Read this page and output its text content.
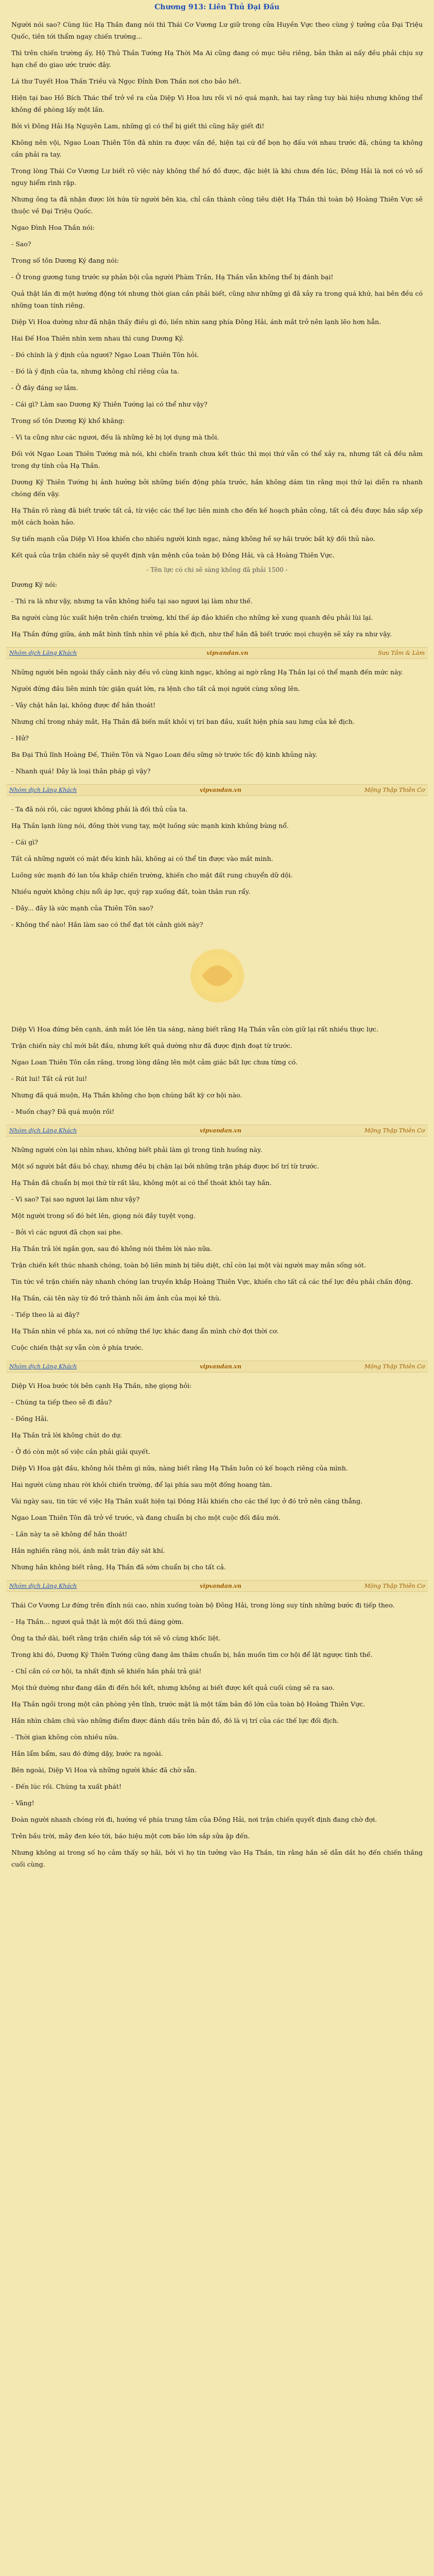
Chương 913: Liên Thủ Đại Đấu

Người nói sao? Cùng lúc Hạ Thần đang nói thì Thái Cơ Vương Lư giữ trong cửa Huyền Vực theo cùng ý tưởng của Đại Triệu Quốc, tiên tới thẩm ngay chiến trường...

Thì trên chiến trường ấy, Hộ Thủ Thần Tướng Hạ Thời Ma Ai cũng đang có mục tiêu riêng, bản thân ai nấy đều phải chịu sự hạn chế do giao ước trước đây.

Lá thư Tuyết Hoa Thần Triều và Ngọc Đỉnh Đơn Thần nơi cho bảo hết.

Hiện tại bao Hồ Bích Thác thể trở về ra của Diệp Vi Hoa lưu rồi vì nó quá mạnh, hai tay rằng tuy bài hiệu nhưng không thể không đề phòng lấy một lần.

Bởi vì Đông Hải Hạ Nguyên Lam, những gì có thể bị giết thì cũng hãy giết đi!

Không nên vội, Ngao Loan Thiên Tôn đã nhìn ra được vấn đề, hiện tại cứ để bọn họ đấu với nhau trước đã, chúng ta không cần phải ra tay.

Trong lòng Thái Cơ Vương Lư biết rõ việc này không thể hồ đồ được, đặc biệt là khi chưa đến lúc, Đông Hải là nơi có vô số nguy hiểm rình rập.

Nhưng ông ta đã nhận được lời hứa từ người bên kia, chỉ cần thành công tiêu diệt Hạ Thần thì toàn bộ Hoàng Thiên Vực sẽ thuộc về Đại Triệu Quốc.

Ngao Đình Hoa Thần nói:

- Sao?

Trong số tôn Dương Ký đang nói:

- Ở trong gương tung trước sự phản bội của người Phàm Trần, Hạ Thần vẫn không thể bị đánh bại!

Quả thật lần đi một hướng động tới nhưng thời gian cần phải biết, cũng như những gì đã xảy ra trong quá khứ, hai bên đều có những toan tính riêng.

Diệp Vi Hoa dường như đã nhận thấy điều gì đó, liền nhìn sang phía Đông Hải, ánh mắt trở nên lạnh lẽo hơn hẳn.

Hai Đế Hoa Thiên nhìn xem nhau thì cung Dương Ký.

- Đó chính là ý định của ngươi? Ngao Loan Thiên Tôn hỏi.

- Đó là ý định của ta, nhưng không chỉ riêng của ta.

- Ở đây đáng sợ lắm.

- Cái gì? Làm sao Dương Ký Thiên Tướng lại có thể như vậy?

Trong số tôn Dương Ký khổ khăng:

- Vì ta cũng như các ngươi, đều là những kẻ bị lợi dụng mà thôi.

Đối với Ngao Loan Thiên Tướng mà nói, khi chiến tranh chưa kết thúc thì mọi thứ vẫn có thể xảy ra, nhưng tất cả đều nằm trong dự tính của Hạ Thần.

Dương Ký Thiên Tướng bị ảnh hưởng bởi những biến động phía trước, hắn không dám tin rằng mọi thứ lại diễn ra nhanh chóng đến vậy.

Hạ Thần rõ ràng đã biết trước tất cả, từ việc các thế lực liên minh cho đến kế hoạch phản công, tất cả đều được hắn sắp xếp một cách hoàn hảo.

Sự tiến mạnh của Diệp Vi Hoa khiến cho nhiều người kinh ngạc, nàng không hề sợ hãi trước bất kỳ đối thủ nào.

Kết quả của trận chiến này sẽ quyết định vận mệnh của toàn bộ Đông Hải, và cả Hoàng Thiên Vực.

- Tên lực có chi sẽ sàng không đã phải 1500 -

Dương Ký nói:

- Thì ra là như vậy, nhưng ta vẫn không hiểu tại sao ngươi lại làm như thế.

Ba người cùng lúc xuất hiện trên chiến trường, khí thế áp đảo khiến cho những kẻ xung quanh đều phải lùi lại.

Hạ Thần đứng giữa, ánh mắt bình tĩnh nhìn về phía kẻ địch, như thể hắn đã biết trước mọi chuyện sẽ xảy ra như vậy.

Nhóm dịch Lăng Khách	vipvandan.vn	Sưu Tầm & Làm

Những người bên ngoài thấy cảnh này đều vô cùng kinh ngạc, không ai ngờ rằng Hạ Thần lại có thể mạnh đến mức này.

Người đứng đầu liên minh tức giận quát lớn, ra lệnh cho tất cả mọi người cùng xông lên.

- Vây chặt hắn lại, không được để hắn thoát!

Nhưng chỉ trong nháy mắt, Hạ Thần đã biến mất khỏi vị trí ban đầu, xuất hiện phía sau lưng của kẻ địch.

- Hử?

Ba Đại Thủ lĩnh Hoàng Đế, Thiên Tôn và Ngao Loan đều sững sờ trước tốc độ kinh khủng này.

- Nhanh quá! Đây là loại thân pháp gì vậy?

Nhóm dịch Lăng Khách	vipvandan.vn	Mộng Thập Thiên Cơ

- Ta đã nói rồi, các ngươi không phải là đối thủ của ta.

Hạ Thần lạnh lùng nói, đồng thời vung tay, một luồng sức mạnh kinh khủng bùng nổ.

- Cái gì?

Tất cả những người có mặt đều kinh hãi, không ai có thể tin được vào mắt mình.

Luồng sức mạnh đó lan tỏa khắp chiến trường, khiến cho mặt đất rung chuyển dữ dội.

Nhiều người không chịu nổi áp lực, quỳ rạp xuống đất, toàn thân run rẩy.

- Đây... đây là sức mạnh của Thiên Tôn sao?

- Không thể nào! Hắn làm sao có thể đạt tới cảnh giới này?

Diệp Vi Hoa đứng bên cạnh, ánh mắt lóe lên tia sáng, nàng biết rằng Hạ Thần vẫn còn giữ lại rất nhiều thực lực.

Trận chiến này chỉ mới bắt đầu, nhưng kết quả dường như đã được định đoạt từ trước.

Ngao Loan Thiên Tôn cắn răng, trong lòng dâng lên một cảm giác bất lực chưa từng có.

- Rút lui! Tất cả rút lui!

Nhưng đã quá muộn, Hạ Thần không cho bọn chúng bất kỳ cơ hội nào.

- Muốn chạy? Đã quá muộn rồi!

Nhóm dịch Lăng Khách	vipvandan.vn	Mộng Thập Thiên Cơ

Những người còn lại nhìn nhau, không biết phải làm gì trong tình huống này.

Một số người bắt đầu bỏ chạy, nhưng đều bị chặn lại bởi những trận pháp được bố trí từ trước.

Hạ Thần đã chuẩn bị mọi thứ từ rất lâu, không một ai có thể thoát khỏi tay hắn.

- Vì sao? Tại sao ngươi lại làm như vậy?

Một người trong số đó hét lên, giọng nói đầy tuyệt vọng.

- Bởi vì các ngươi đã chọn sai phe.

Hạ Thần trả lời ngắn gọn, sau đó không nói thêm lời nào nữa.

Trận chiến kết thúc nhanh chóng, toàn bộ liên minh bị tiêu diệt, chỉ còn lại một vài người may mắn sống sót.

Tin tức về trận chiến này nhanh chóng lan truyền khắp Hoàng Thiên Vực, khiến cho tất cả các thế lực đều phải chấn động.

Hạ Thần, cái tên này từ đó trở thành nỗi ám ảnh của mọi kẻ thù.

- Tiếp theo là ai đây?

Hạ Thần nhìn về phía xa, nơi có những thế lực khác đang ẩn mình chờ đợi thời cơ.

Cuộc chiến thật sự vẫn còn ở phía trước.

Nhóm dịch Lăng Khách	vipvandan.vn	Mộng Thập Thiên Cơ

Diệp Vi Hoa bước tới bên cạnh Hạ Thần, nhẹ giọng hỏi:

- Chúng ta tiếp theo sẽ đi đâu?

- Đông Hải.

Hạ Thần trả lời không chút do dự.

- Ở đó còn một số việc cần phải giải quyết.

Diệp Vi Hoa gật đầu, không hỏi thêm gì nữa, nàng biết rằng Hạ Thần luôn có kế hoạch riêng của mình.

Hai người cùng nhau rời khỏi chiến trường, để lại phía sau một đống hoang tàn.

Vài ngày sau, tin tức về việc Hạ Thần xuất hiện tại Đông Hải khiến cho các thế lực ở đó trở nên căng thẳng.

Ngao Loan Thiên Tôn đã trở về trước, và đang chuẩn bị cho một cuộc đối đầu mới.

- Lần này ta sẽ không để hắn thoát!

Hắn nghiến răng nói, ánh mắt tràn đầy sát khí.

Nhưng hắn không biết rằng, Hạ Thần đã sớm chuẩn bị cho tất cả.

Nhóm dịch Lăng Khách	vipvandan.vn	Mộng Thập Thiên Cơ

Thái Cơ Vương Lư đứng trên đỉnh núi cao, nhìn xuống toàn bộ Đông Hải, trong lòng suy tính những bước đi tiếp theo.

- Hạ Thần... ngươi quả thật là một đối thủ đáng gờm.

Ông ta thở dài, biết rằng trận chiến sắp tới sẽ vô cùng khốc liệt.

Trong khi đó, Dương Ký Thiên Tướng cũng đang âm thầm chuẩn bị, hắn muốn tìm cơ hội để lật ngược tình thế.

- Chỉ cần có cơ hội, ta nhất định sẽ khiến hắn phải trả giá!

Mọi thứ dường như đang dần đi đến hồi kết, nhưng không ai biết được kết quả cuối cùng sẽ ra sao.

Hạ Thần ngồi trong một căn phòng yên tĩnh, trước mặt là một tấm bản đồ lớn của toàn bộ Hoàng Thiên Vực.

Hắn nhìn chăm chú vào những điểm được đánh dấu trên bản đồ, đó là vị trí của các thế lực đối địch.

- Thời gian không còn nhiều nữa.

Hắn lẩm bẩm, sau đó đứng dậy, bước ra ngoài.

Bên ngoài, Diệp Vi Hoa và những người khác đã chờ sẵn.

- Đến lúc rồi. Chúng ta xuất phát!

- Vâng!

Đoàn người nhanh chóng rời đi, hướng về phía trung tâm của Đông Hải, nơi trận chiến quyết định đang chờ đợi.

Trên bầu trời, mây đen kéo tới, báo hiệu một cơn bão lớn sắp sửa ập đến.

Nhưng không ai trong số họ cảm thấy sợ hãi, bởi vì họ tin tưởng vào Hạ Thần, tin rằng hắn sẽ dẫn dắt họ đến chiến thắng cuối cùng.
